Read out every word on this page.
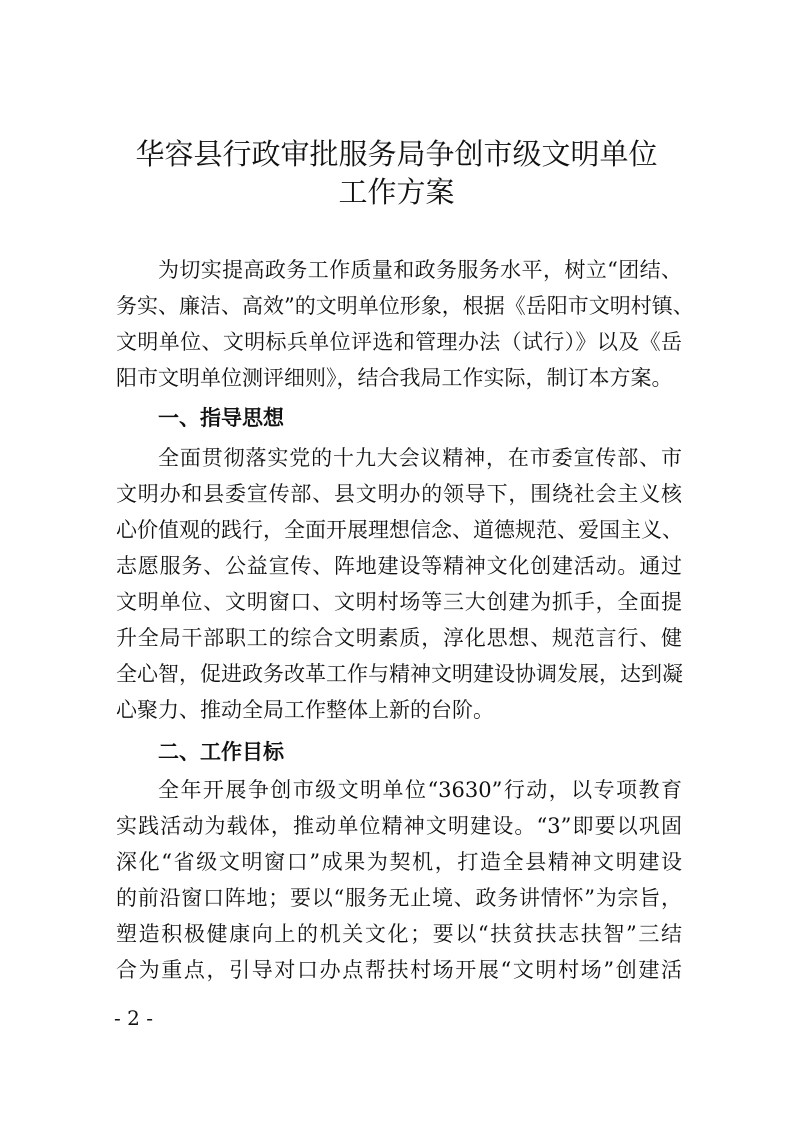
华容县行政审批服务局争创市级文明单位
工作方案
为切实提高政务工作质量和政务服务水平，树立“团结、
务实、廉洁、高效”的文明单位形象，根据《岳阳市文明村镇、
文明单位、文明标兵单位评选和管理办法（试行）》以及《岳
阳市文明单位测评细则》，结合我局工作实际，制订本方案。
一、指导思想
全面贯彻落实党的十九大会议精神，在市委宣传部、市
文明办和县委宣传部、县文明办的领导下，围绕社会主义核
心价值观的践行，全面开展理想信念、道德规范、爱国主义、
志愿服务、公益宣传、阵地建设等精神文化创建活动。通过
文明单位、文明窗口、文明村场等三大创建为抓手，全面提
升全局干部职工的综合文明素质，淳化思想、规范言行、健
全心智，促进政务改革工作与精神文明建设协调发展，达到凝
心聚力、推动全局工作整体上新的台阶。
二、工作目标
全年开展争创市级文明单位“3630”行动，以专项教育
实践活动为载体，推动单位精神文明建设。“3”即要以巩固
深化“省级文明窗口”成果为契机，打造全县精神文明建设
的前沿窗口阵地；要以“服务无止境、政务讲情怀”为宗旨，
塑造积极健康向上的机关文化；要以“扶贫扶志扶智”三结
合为重点，引导对口办点帮扶村场开展“文明村场”创建活
- 2 -
